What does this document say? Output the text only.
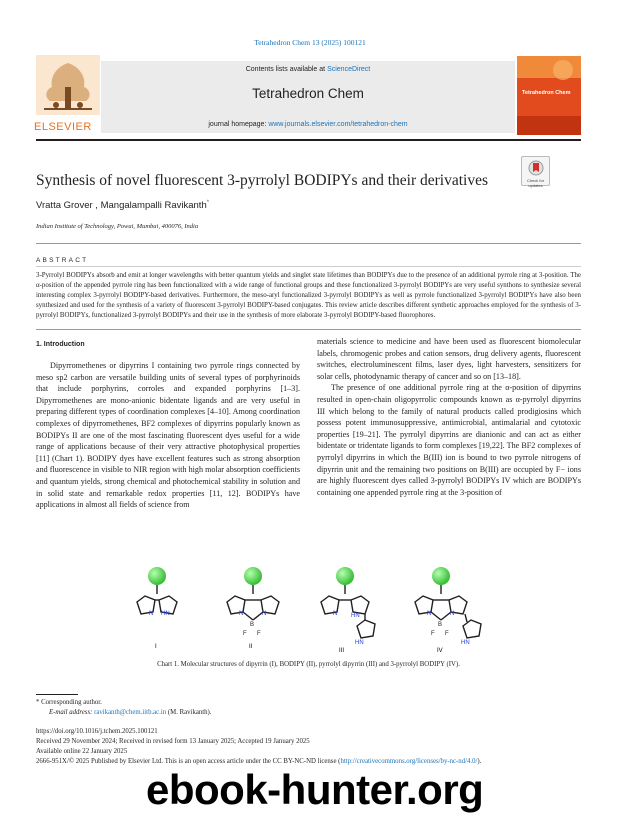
Tetrahedron Chem 13 (2025) 100121
ELSEVIER
Contents lists available at ScienceDirect
Tetrahedron Chem
journal homepage: www.journals.elsevier.com/tetrahedron-chem
Tetrahedron Chem
Synthesis of novel fluorescent 3-pyrrolyl BODIPYs and their derivatives	Check for updates
Vratta Grover , Mangalampalli Ravikanth*
Indian Institute of Technology, Powai, Mumbai, 400076, India
ABSTRACT
3-Pyrrolyl BODIPYs absorb and emit at longer wavelengths with better quantum yields and singlet state lifetimes than BODIPYs due to the presence of an additional pyrrole ring at 3-position. The α-position of the appended pyrrole ring has been functionalized with a wide range of functional groups and these functionalized 3-pyrrolyl BODIPYs are very useful synthons to synthesize several interesting complex 3-pyrrolyl BODIPY-based derivatives. Furthermore, the meso-aryl functionalized 3-pyrrolyl BODIPYs as well as pyrrole functionalized 3-pyrrolyl BODIPYs have also been synthesized and used for the synthesis of a variety of fluorescent 3-pyrrolyl BODIPY-based conjugates. This review article describes different synthetic approaches employed for the synthesis of 3-pyrrolyl BODIPYs, functionalized 3-pyrrolyl BODIPYs and their use in the synthesis of more elaborate 3-pyrrolyl BODIPY-based fluorophores.
1. Introduction

Dipyrromethenes or dipyrrins I containing two pyrrole rings connected by meso sp2 carbon are versatile building units of several types of porphyrinoids that include porphyrins, corroles and expanded porphyrins [1–3]. Dipyrromethenes are mono-anionic bidentate ligands and are very useful in preparing different types of coordination complexes [4–10]. Among coordination complexes of dipyrromethenes, BF2 complexes of dipyrrins popularly known as BODIPYs II are one of the most fascinating fluorescent dyes useful for a wide range of applications because of their very attractive photophysical properties [11] (Chart 1). BODIPY dyes have excellent features such as strong absorption and fluorescence in visible to NIR region with high molar absorption coefficients and quantum yields, strong chemical and photochemical stability in solution and in solid state and remarkable redox properties [11, 12]. BODIPYs have applications in almost all fields of science from

materials science to medicine and have been used as fluorescent biomolecular labels, chromogenic probes and cation sensors, drug delivery agents, fluorescent switches, electroluminescent films, laser dyes, light harvesters, sensitizers for solar cells, photodynamic therapy of cancer and so on [13–18].

The presence of one additional pyrrole ring at the α-position of dipyrrins resulted in open-chain oligopyrrolic compounds known as α-pyrrolyl dipyrrins III which belong to the family of natural products called prodigiosins which possess potent immunosuppressive, antimicrobial, antimalarial and cytotoxic properties [19–21]. The pyrrolyl dipyrrins are dianionic and can act as either bidentate or tridentate ligands to form complexes [19,22]. The BF2 complexes of pyrrolyl dipyrrins in which the B(III) ion is bound to two pyrrole nitrogens of dipyrrin unit and the remaining two positions on B(III) are occupied by F− ions are highly fluorescent dyes called 3-pyrrolyl BODIPYs IV which are BODIPYs containing one appended pyrrole ring at the 3-position of

N HN	N	N
B
F F
N HN
HN
N	N
B
F F
HN
I	II
III	IV
Chart 1. Molecular structures of dipyrrin (I), BODIPY (II), pyrrolyl dipyrrin (III) and 3-pyrrolyl BODIPY (IV).
* Corresponding author.
E-mail address: ravikanth@chem.iitb.ac.in (M. Ravikanth).
https://doi.org/10.1016/j.tchem.2025.100121
Received 29 November 2024; Received in revised form 13 January 2025; Accepted 19 January 2025
Available online 22 January 2025
2666-951X/© 2025 Published by Elsevier Ltd. This is an open access article under the CC BY-NC-ND license (http://creativecommons.org/licenses/by-nc-nd/4.0/).
ebook-hunter.org
